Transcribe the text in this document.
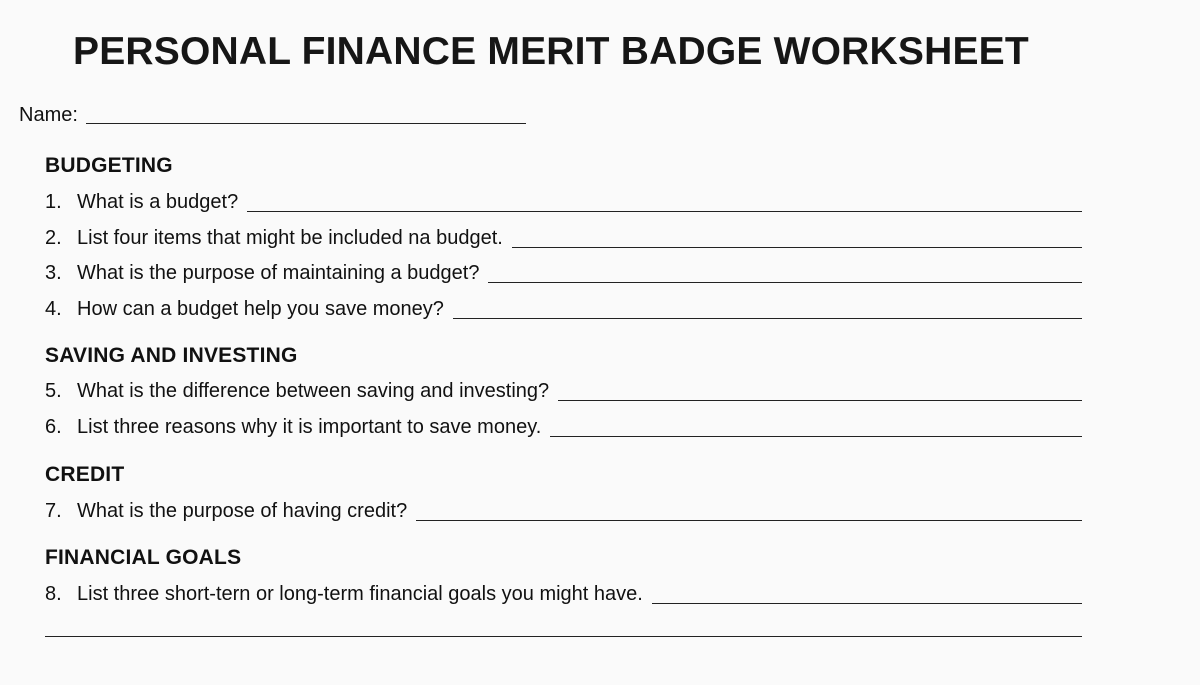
PERSONAL FINANCE MERIT BADGE WORKSHEET
Name:
BUDGETING
1. What is a budget?
2. List four items that might be included na budget.
3. What is the purpose of maintaining a budget?
4. How can a budget help you save money?
SAVING AND INVESTING
5. What is the difference between saving and investing?
6. List three reasons why it is important to save money.
CREDIT
7. What is the purpose of having credit?
FINANCIAL GOALS
8. List three short-tern or long-term financial goals you might have.
